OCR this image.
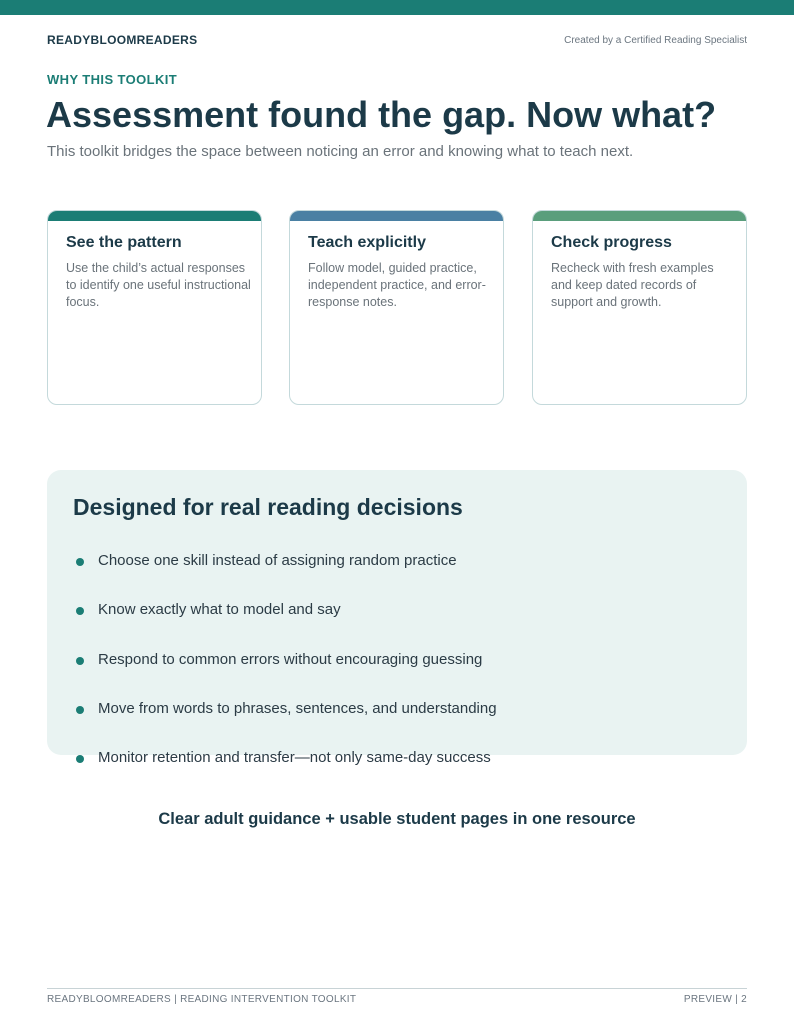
READYBLOOMREADERS	Created by a Certified Reading Specialist
WHY THIS TOOLKIT
Assessment found the gap. Now what?

This toolkit bridges the space between noticing an error and knowing what to teach next.

See the pattern
Use the child’s actual responses to identify one useful instructional focus.
Teach explicitly
Follow model, guided practice, independent practice, and error-response notes.
Check progress
Recheck with fresh examples and keep dated records of support and growth.
Designed for real reading decisions
Choose one skill instead of assigning random practice
Know exactly what to model and say
Respond to common errors without encouraging guessing
Move from words to phrases, sentences, and understanding
Monitor retention and transfer—not only same-day success
Clear adult guidance + usable student pages in one resource
READYBLOOMREADERS | READING INTERVENTION TOOLKIT	PREVIEW | 2
